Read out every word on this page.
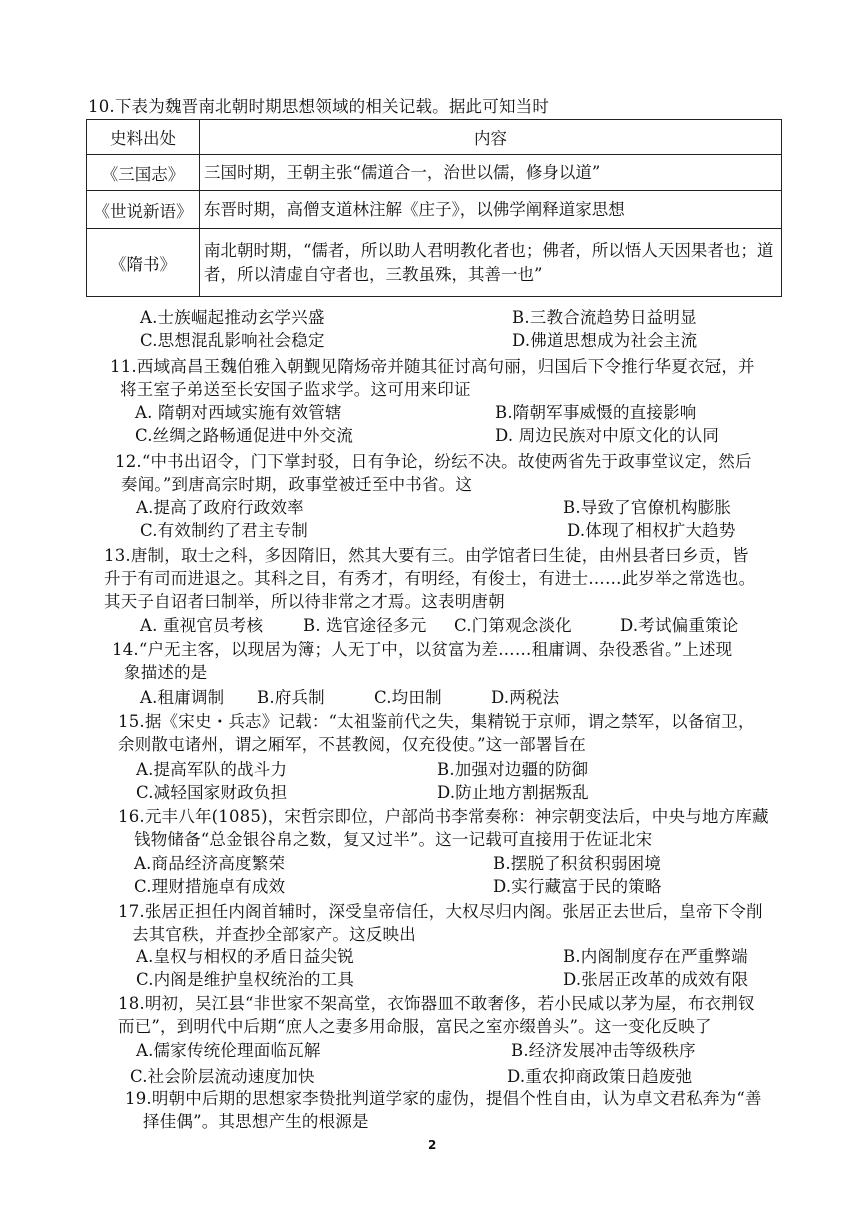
10.下表为魏晋南北朝时期思想领域的相关记载。据此可知当时
史料出处	内容
《三国志》	三国时期，王朝主张“儒道合一，治世以儒，修身以道”
《世说新语》	东晋时期，高僧支道林注解《庄子》，以佛学阐释道家思想
《隋书》	南北朝时期，“儒者，所以助人君明教化者也；佛者，所以悟人天因果者也；道者，所以清虚自守者也，三教虽殊，其善一也”
A.士族崛起推动玄学兴盛	B.三教合流趋势日益明显
C.思想混乱影响社会稳定	D.佛道思想成为社会主流
11.西域高昌王魏伯雅入朝觐见隋炀帝并随其征讨高句丽，归国后下令推行华夏衣冠，并
将王室子弟送至长安国子监求学。这可用来印证
A. 隋朝对西域实施有效管辖	B.隋朝军事威慑的直接影响
C.丝绸之路畅通促进中外交流	D. 周边民族对中原文化的认同
12.“中书出诏令，门下掌封驳，日有争论，纷纭不决。故使两省先于政事堂议定，然后
奏闻。”到唐高宗时期，政事堂被迁至中书省。这
A.提高了政府行政效率	B.导致了官僚机构膨胀
C.有效制约了君主专制	D.体现了相权扩大趋势
13.唐制，取士之科，多因隋旧，然其大要有三。由学馆者曰生徒，由州县者曰乡贡，皆
升于有司而进退之。其科之目，有秀才，有明经，有俊士，有进士……此岁举之常选也。
其天子自诏者曰制举，所以待非常之才焉。这表明唐朝
A. 重视官员考核 B. 选官途径多元 C.门第观念淡化	D.考试偏重策论
14.“户无主客，以现居为簿；人无丁中，以贫富为差……租庸调、杂役悉省。”上述现
象描述的是
A.租庸调制 B.府兵制	C.均田制	D.两税法
15.据《宋史・兵志》记载：“太祖鉴前代之失，集精锐于京师，谓之禁军，以备宿卫，
余则散屯诸州，谓之厢军，不甚教阅，仅充役使。”这一部署旨在
A.提高军队的战斗力	B.加强对边疆的防御
C.减轻国家财政负担	D.防止地方割据叛乱
16.元丰八年(1085)，宋哲宗即位，户部尚书李常奏称：神宗朝变法后，中央与地方库藏
钱物储备“总金银谷帛之数，复又过半”。这一记载可直接用于佐证北宋
A.商品经济高度繁荣	B.摆脱了积贫积弱困境
C.理财措施卓有成效	D.实行藏富于民的策略
17.张居正担任内阁首辅时，深受皇帝信任，大权尽归内阁。张居正去世后，皇帝下令削
去其官秩，并查抄全部家产。这反映出
A.皇权与相权的矛盾日益尖锐	B.内阁制度存在严重弊端
C.内阁是维护皇权统治的工具	D.张居正改革的成效有限
18.明初，吴江县“非世家不架高堂，衣饰器皿不敢奢侈，若小民咸以茅为屋，布衣荆钗
而已”，到明代中后期“庶人之妻多用命服，富民之室亦缀兽头”。这一变化反映了
A.儒家传统伦理面临瓦解	B.经济发展冲击等级秩序
C.社会阶层流动速度加快	D.重农抑商政策日趋废弛
19.明朝中后期的思想家李贽批判道学家的虚伪，提倡个性自由，认为卓文君私奔为“善
择佳偶”。其思想产生的根源是
2
